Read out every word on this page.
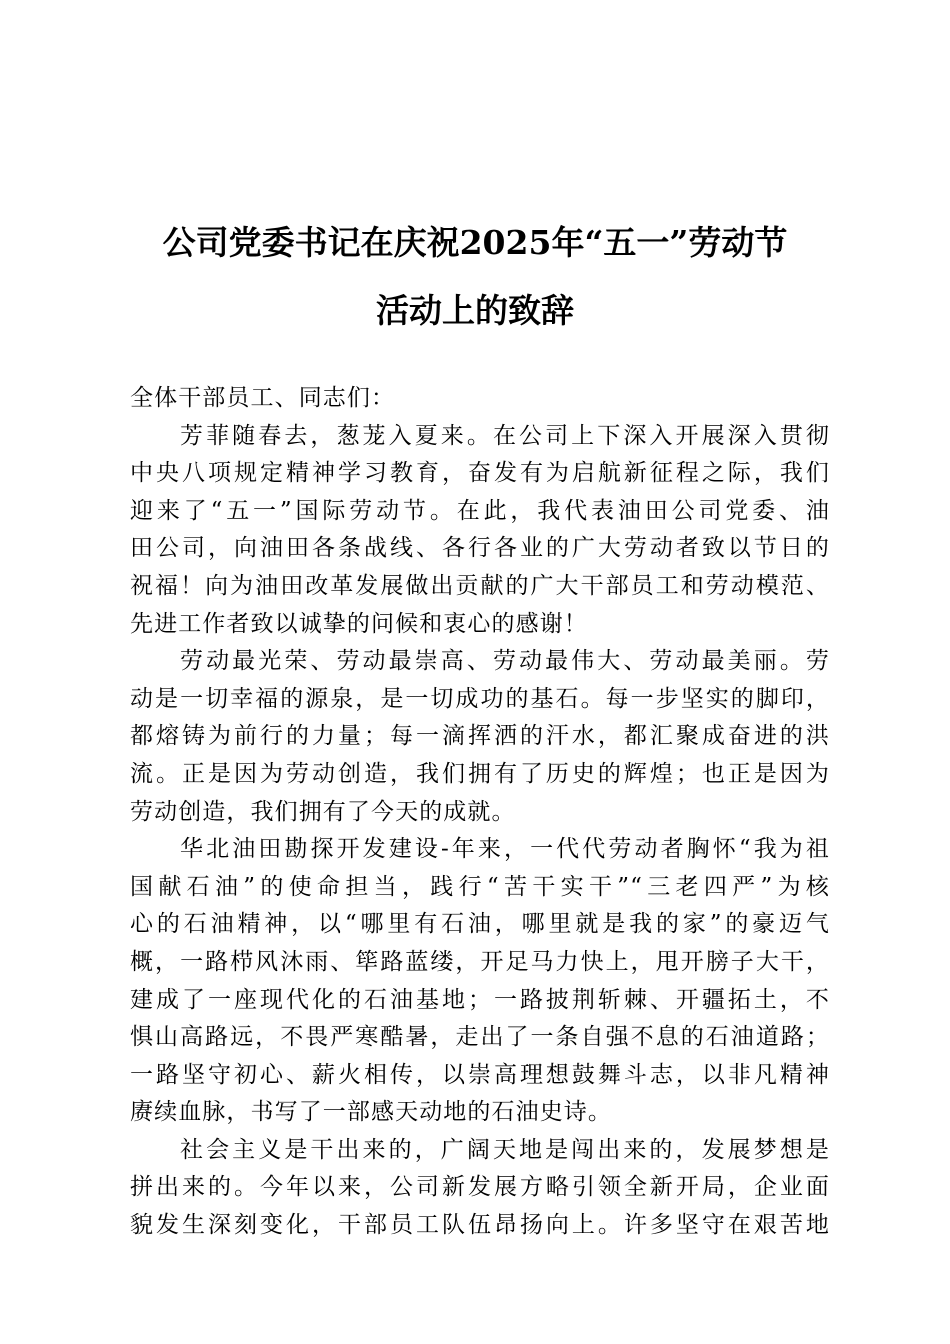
公司党委书记在庆祝2025年“五一”劳动节
活动上的致辞
全体干部员工、同志们：
芳菲随春去，葱茏入夏来。在公司上下深入开展深入贯彻
中央八项规定精神学习教育，奋发有为启航新征程之际，我们
迎来了“五一”国际劳动节。在此，我代表油田公司党委、油
田公司，向油田各条战线、各行各业的广大劳动者致以节日的
祝福！向为油田改革发展做出贡献的广大干部员工和劳动模范、
先进工作者致以诚挚的问候和衷心的感谢！
劳动最光荣、劳动最崇高、劳动最伟大、劳动最美丽。劳
动是一切幸福的源泉，是一切成功的基石。每一步坚实的脚印，
都熔铸为前行的力量；每一滴挥洒的汗水，都汇聚成奋进的洪
流。正是因为劳动创造，我们拥有了历史的辉煌；也正是因为
劳动创造，我们拥有了今天的成就。
华北油田勘探开发建设-年来，一代代劳动者胸怀“我为祖
国献石油”的使命担当，践行“苦干实干”“三老四严”为核
心的石油精神，以“哪里有石油，哪里就是我的家”的豪迈气
概，一路栉风沐雨、筚路蓝缕，开足马力快上，甩开膀子大干，
建成了一座现代化的石油基地；一路披荆斩棘、开疆拓土，不
惧山高路远，不畏严寒酷暑，走出了一条自强不息的石油道路；
一路坚守初心、薪火相传，以崇高理想鼓舞斗志，以非凡精神
赓续血脉，书写了一部感天动地的石油史诗。
社会主义是干出来的，广阔天地是闯出来的，发展梦想是
拼出来的。今年以来，公司新发展方略引领全新开局，企业面
貌发生深刻变化，干部员工队伍昂扬向上。许多坚守在艰苦地
